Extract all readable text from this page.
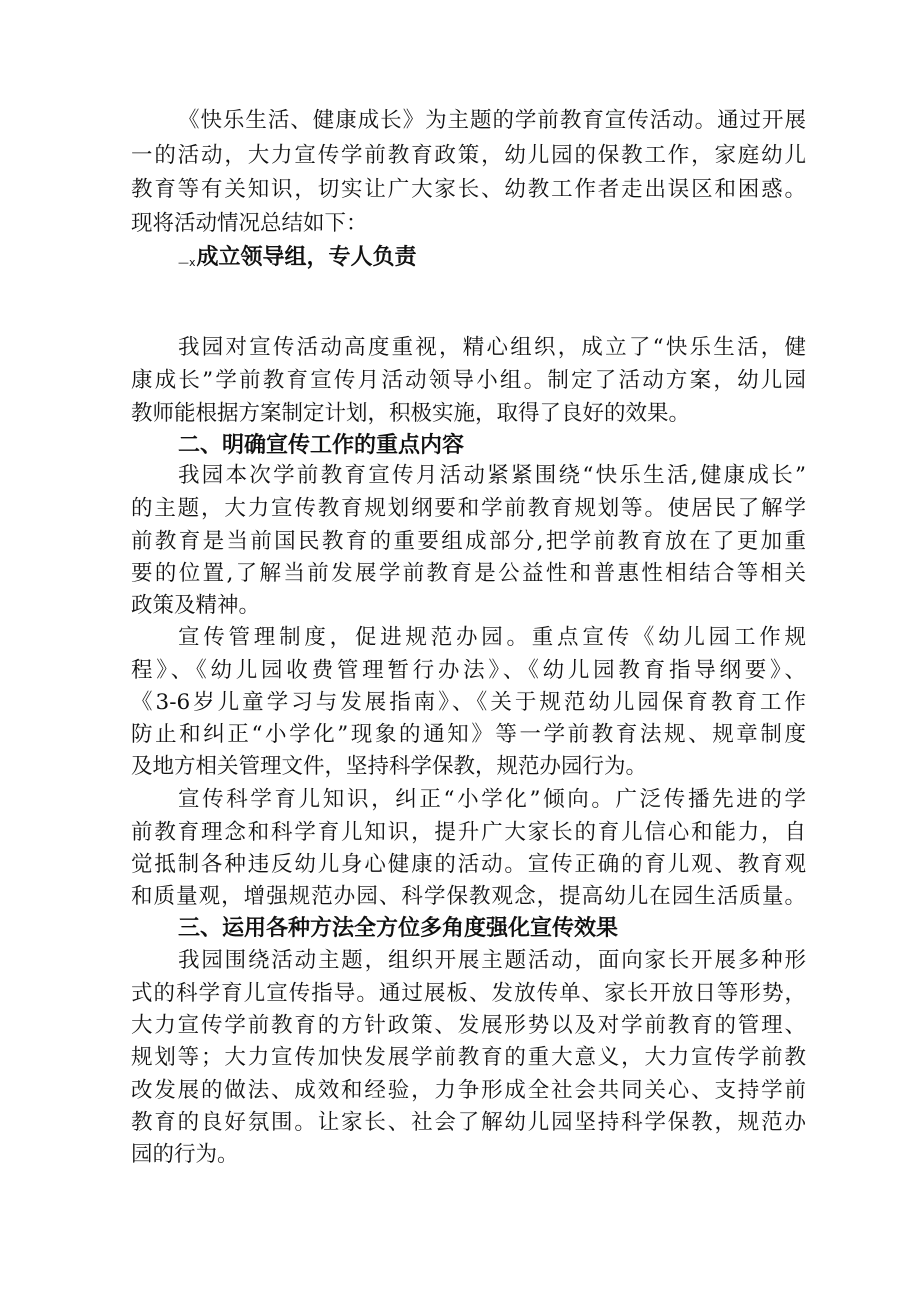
《快乐生活、健康成长》为主题的学前教育宣传活动。通过开展
一的活动，大力宣传学前教育政策，幼儿园的保教工作，家庭幼儿
教育等有关知识，切实让广大家长、幼教工作者走出误区和困惑。
现将活动情况总结如下：
—x成立领导组，专人负责
我园对宣传活动高度重视，精心组织，成立了“快乐生活，健
康成长”学前教育宣传月活动领导小组。制定了活动方案，幼儿园
教师能根据方案制定计划，积极实施，取得了良好的效果。
二、明确宣传工作的重点内容
我园本次学前教育宣传月活动紧紧围绕“快乐生活,健康成长”
的主题，大力宣传教育规划纲要和学前教育规划等。使居民了解学
前教育是当前国民教育的重要组成部分,把学前教育放在了更加重
要的位置,了解当前发展学前教育是公益性和普惠性相结合等相关
政策及精神。
宣传管理制度，促进规范办园。重点宣传《幼儿园工作规
程》、《幼儿园收费管理暂行办法》、《幼儿园教育指导纲要》、
《3-6岁儿童学习与发展指南》、《关于规范幼儿园保育教育工作
防止和纠正“小学化”现象的通知》等一学前教育法规、规章制度
及地方相关管理文件，坚持科学保教，规范办园行为。
宣传科学育儿知识，纠正“小学化”倾向。广泛传播先进的学
前教育理念和科学育儿知识，提升广大家长的育儿信心和能力，自
觉抵制各种违反幼儿身心健康的活动。宣传正确的育儿观、教育观
和质量观，增强规范办园、科学保教观念，提高幼儿在园生活质量。
三、运用各种方法全方位多角度强化宣传效果
我园围绕活动主题，组织开展主题活动，面向家长开展多种形
式的科学育儿宣传指导。通过展板、发放传单、家长开放日等形势，
大力宣传学前教育的方针政策、发展形势以及对学前教育的管理、
规划等；大力宣传加快发展学前教育的重大意义，大力宣传学前教
改发展的做法、成效和经验，力争形成全社会共同关心、支持学前
教育的良好氛围。让家长、社会了解幼儿园坚持科学保教，规范办
园的行为。
